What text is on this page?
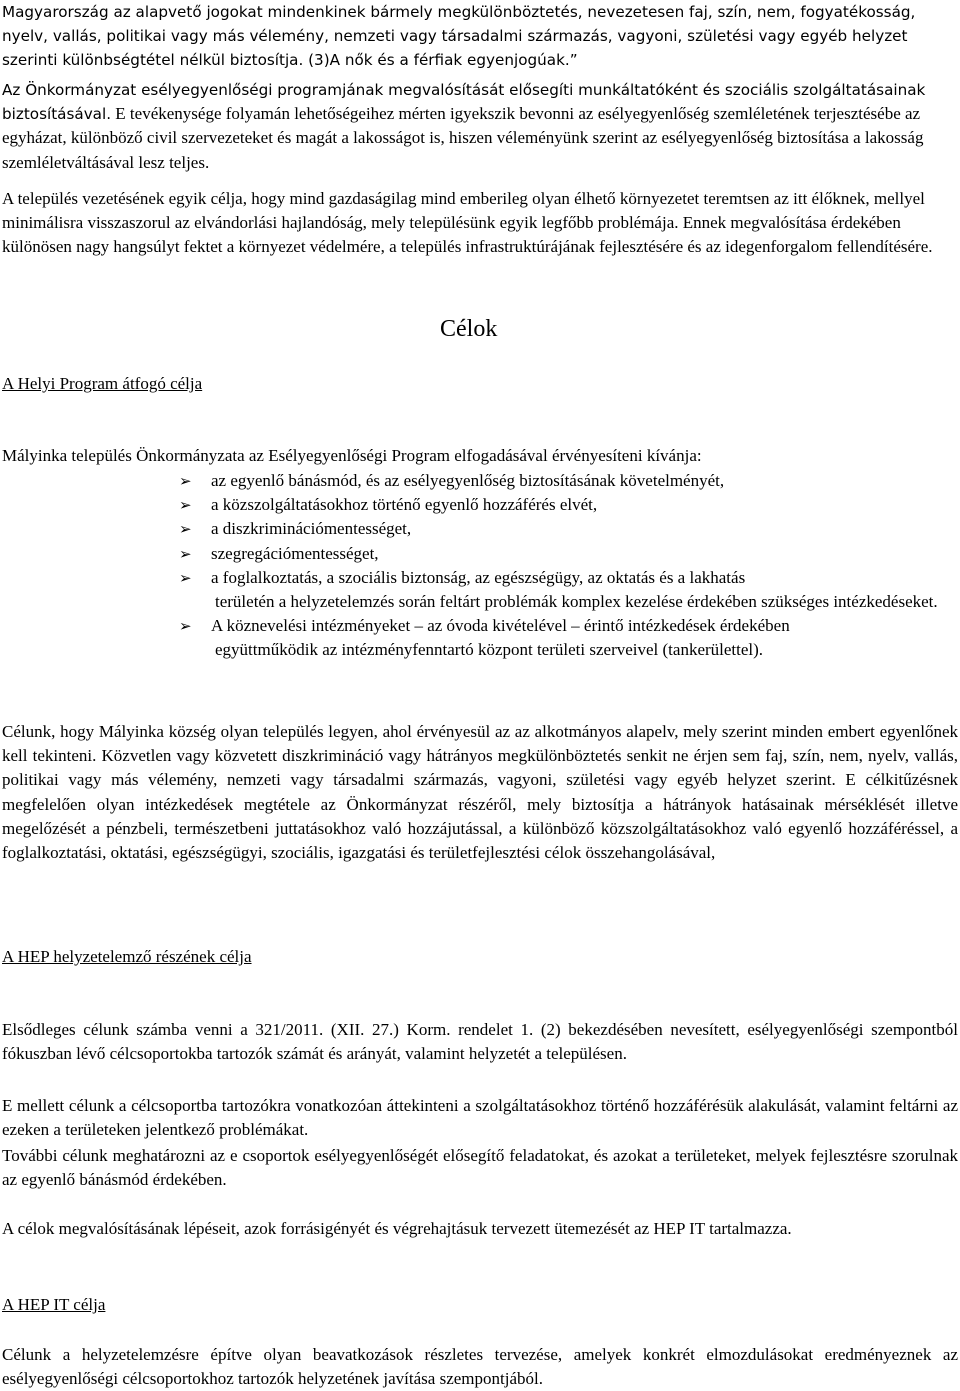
Magyarország az alapvető jogokat mindenkinek bármely megkülönböztetés, nevezetesen faj, szín, nem, fogyatékosság, nyelv, vallás, politikai vagy más vélemény, nemzeti vagy társadalmi származás, vagyoni, születési vagy egyéb helyzet szerinti különbségtétel nélkül biztosítja. (3)A nők és a férfiak egyenjogúak.”
Az Önkormányzat esélyegyenlőségi programjának megvalósítását elősegíti munkáltatóként és szociális szolgáltatásainak biztosításával. E tevékenysége folyamán lehetőségeihez mérten igyekszik bevonni az esélyegyenlőség szemléletének terjesztésébe az egyházat, különböző civil szervezeteket és magát a lakosságot is, hiszen véleményünk szerint az esélyegyenlőség biztosítása a lakosság szemléletváltásával lesz teljes.
A település vezetésének egyik célja, hogy mind gazdaságilag mind emberileg olyan élhető környezetet teremtsen az itt élőknek, mellyel minimálisra visszaszorul az elvándorlási hajlandóság, mely településünk egyik legfőbb problémája. Ennek megvalósítása érdekében különösen nagy hangsúlyt fektet a környezet védelmére, a település infrastruktúrájának fejlesztésére és az idegenforgalom fellendítésére.
Célok
A Helyi Program átfogó célja
Mályinka település Önkormányzata az Esélyegyenlőségi Program elfogadásával érvényesíteni kívánja:
➢	az egyenlő bánásmód, és az esélyegyenlőség biztosításának követelményét,
➢	a közszolgáltatásokhoz történő egyenlő hozzáférés elvét,
➢	a diszkriminációmentességet,
➢	szegregációmentességet,
➢	a foglalkoztatás, a szociális biztonság, az egészségügy, az oktatás és a lakhatás
területén a helyzetelemzés során feltárt problémák komplex kezelése érdekében szükséges intézkedéseket.
➢	A köznevelési intézményeket – az óvoda kivételével – érintő intézkedések érdekében
együttműködik az intézményfenntartó központ területi szerveivel (tankerülettel).
Célunk, hogy Mályinka község olyan település legyen, ahol érvényesül az az alkotmányos alapelv, mely szerint minden embert egyenlőnek kell tekinteni. Közvetlen vagy közvetett diszkrimináció vagy hátrányos megkülönböztetés senkit ne érjen sem faj, szín, nem, nyelv, vallás, politikai vagy más vélemény, nemzeti vagy társadalmi származás, vagyoni, születési vagy egyéb helyzet szerint. E célkitűzésnek megfelelően olyan intézkedések megtétele az Önkormányzat részéről, mely biztosítja a hátrányok hatásainak mérséklését illetve megelőzését a pénzbeli, természetbeni juttatásokhoz való hozzájutással, a különböző közszolgáltatásokhoz való egyenlő hozzáféréssel, a foglalkoztatási, oktatási, egészségügyi, szociális, igazgatási és területfejlesztési célok összehangolásával,
A HEP helyzetelemző részének célja
Elsődleges célunk számba venni a 321/2011. (XII. 27.) Korm. rendelet 1. (2) bekezdésében nevesített, esélyegyenlőségi szempontból fókuszban lévő célcsoportokba tartozók számát és arányát, valamint helyzetét a településen.
E mellett célunk a célcsoportba tartozókra vonatkozóan áttekinteni a szolgáltatásokhoz történő hozzáférésük alakulását, valamint feltárni az ezeken a területeken jelentkező problémákat.
További célunk meghatározni az e csoportok esélyegyenlőségét elősegítő feladatokat, és azokat a területeket, melyek fejlesztésre szorulnak az egyenlő bánásmód érdekében.
A célok megvalósításának lépéseit, azok forrásigényét és végrehajtásuk tervezett ütemezését az HEP IT tartalmazza.
A HEP IT célja
Célunk a helyzetelemzésre építve olyan beavatkozások részletes tervezése, amelyek konkrét elmozdulásokat eredményeznek az esélyegyenlőségi célcsoportokhoz tartozók helyzetének javítása szempontjából.
